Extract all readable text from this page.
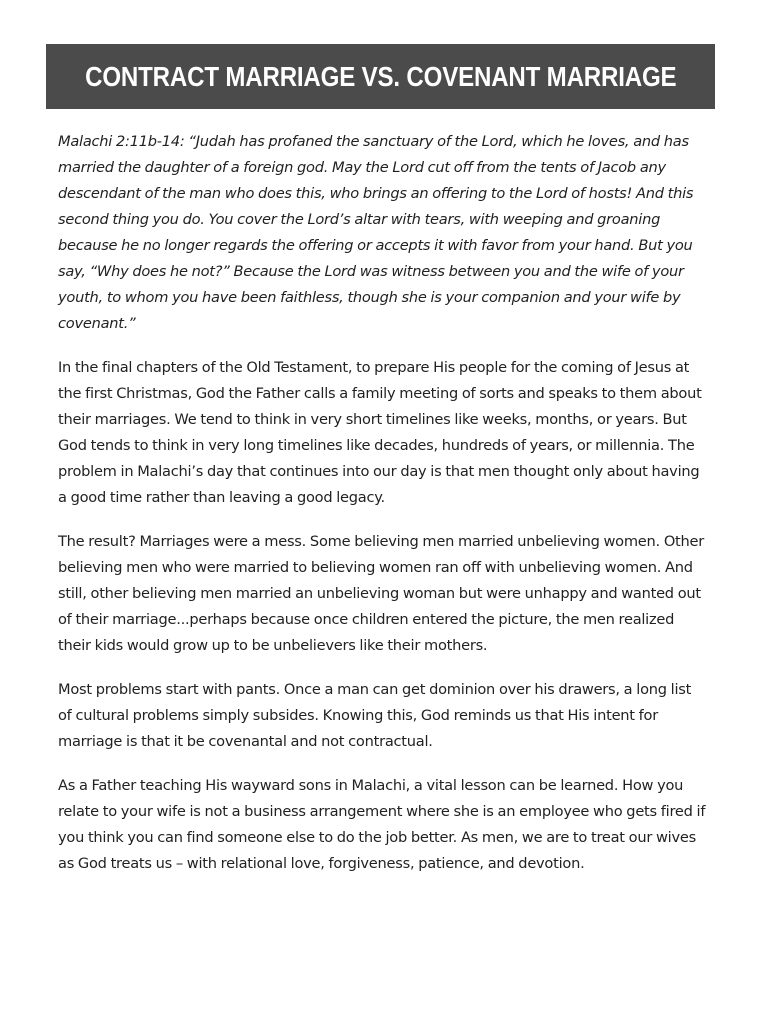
CONTRACT MARRIAGE VS. COVENANT MARRIAGE

Malachi 2:11b-14: “Judah has profaned the sanctuary of the Lord, which he loves, and has married the daughter of a foreign god. May the Lord cut off from the tents of Jacob any descendant of the man who does this, who brings an offering to the Lord of hosts! And this second thing you do. You cover the Lord’s altar with tears, with weeping and groaning because he no longer regards the offering or accepts it with favor from your hand. But you say, “Why does he not?” Because the Lord was witness between you and the wife of your youth, to whom you have been faithless, though she is your companion and your wife by covenant.”

In the final chapters of the Old Testament, to prepare His people for the coming of Jesus at the first Christmas, God the Father calls a family meeting of sorts and speaks to them about their marriages. We tend to think in very short timelines like weeks, months, or years. But God tends to think in very long timelines like decades, hundreds of years, or millennia. The problem in Malachi’s day that continues into our day is that men thought only about having a good time rather than leaving a good legacy.

The result? Marriages were a mess. Some believing men married unbelieving women. Other believing men who were married to believing women ran off with unbelieving women. And still, other believing men married an unbelieving woman but were unhappy and wanted out of their marriage...perhaps because once children entered the picture, the men realized their kids would grow up to be unbelievers like their mothers.

Most problems start with pants. Once a man can get dominion over his drawers, a long list of cultural problems simply subsides. Knowing this, God reminds us that His intent for marriage is that it be covenantal and not contractual.

As a Father teaching His wayward sons in Malachi, a vital lesson can be learned. How you relate to your wife is not a business arrangement where she is an employee who gets fired if you think you can find someone else to do the job better. As men, we are to treat our wives as God treats us – with relational love, forgiveness, patience, and devotion.
